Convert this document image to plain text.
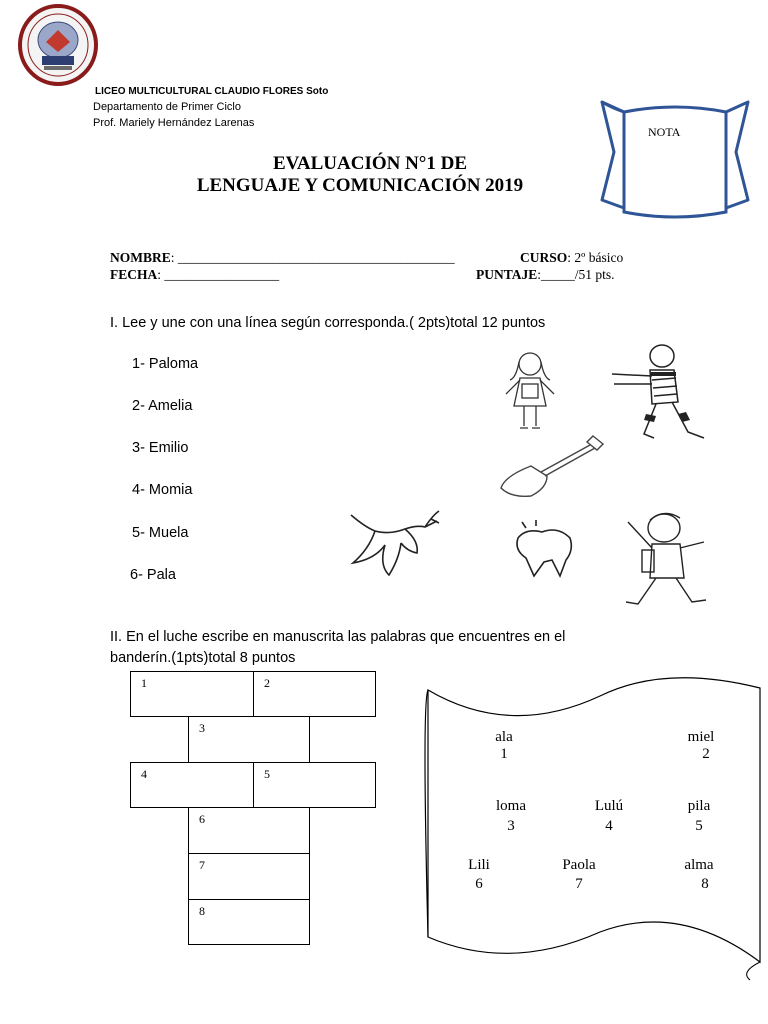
LICEO MULTICULTURAL CLAUDIO FLORES Soto
Departamento de Primer Ciclo
Prof. Mariely Hernández Larenas
NOTA
EVALUACIÓN N°1 DE
LENGUAJE Y COMUNICACIÓN 2019
NOMBRE: _________________________________________	CURSO: 2º básico
FECHA: _________________	PUNTAJE:_____/51 pts.
I. Lee y une con una línea según corresponda.( 2pts)total 12 puntos
1- Paloma
2- Amelia
3- Emilio
4- Momia
5- Muela
6- Pala
II. En el luche escribe en manuscrita las palabras que encuentres en el
banderín.(1pts)total 8 puntos
1	2
3
4	5
6
7
8
ala
1
miel
2
loma
3
Lulú
4
pila
5
Lili
6
Paola
7
alma
8
